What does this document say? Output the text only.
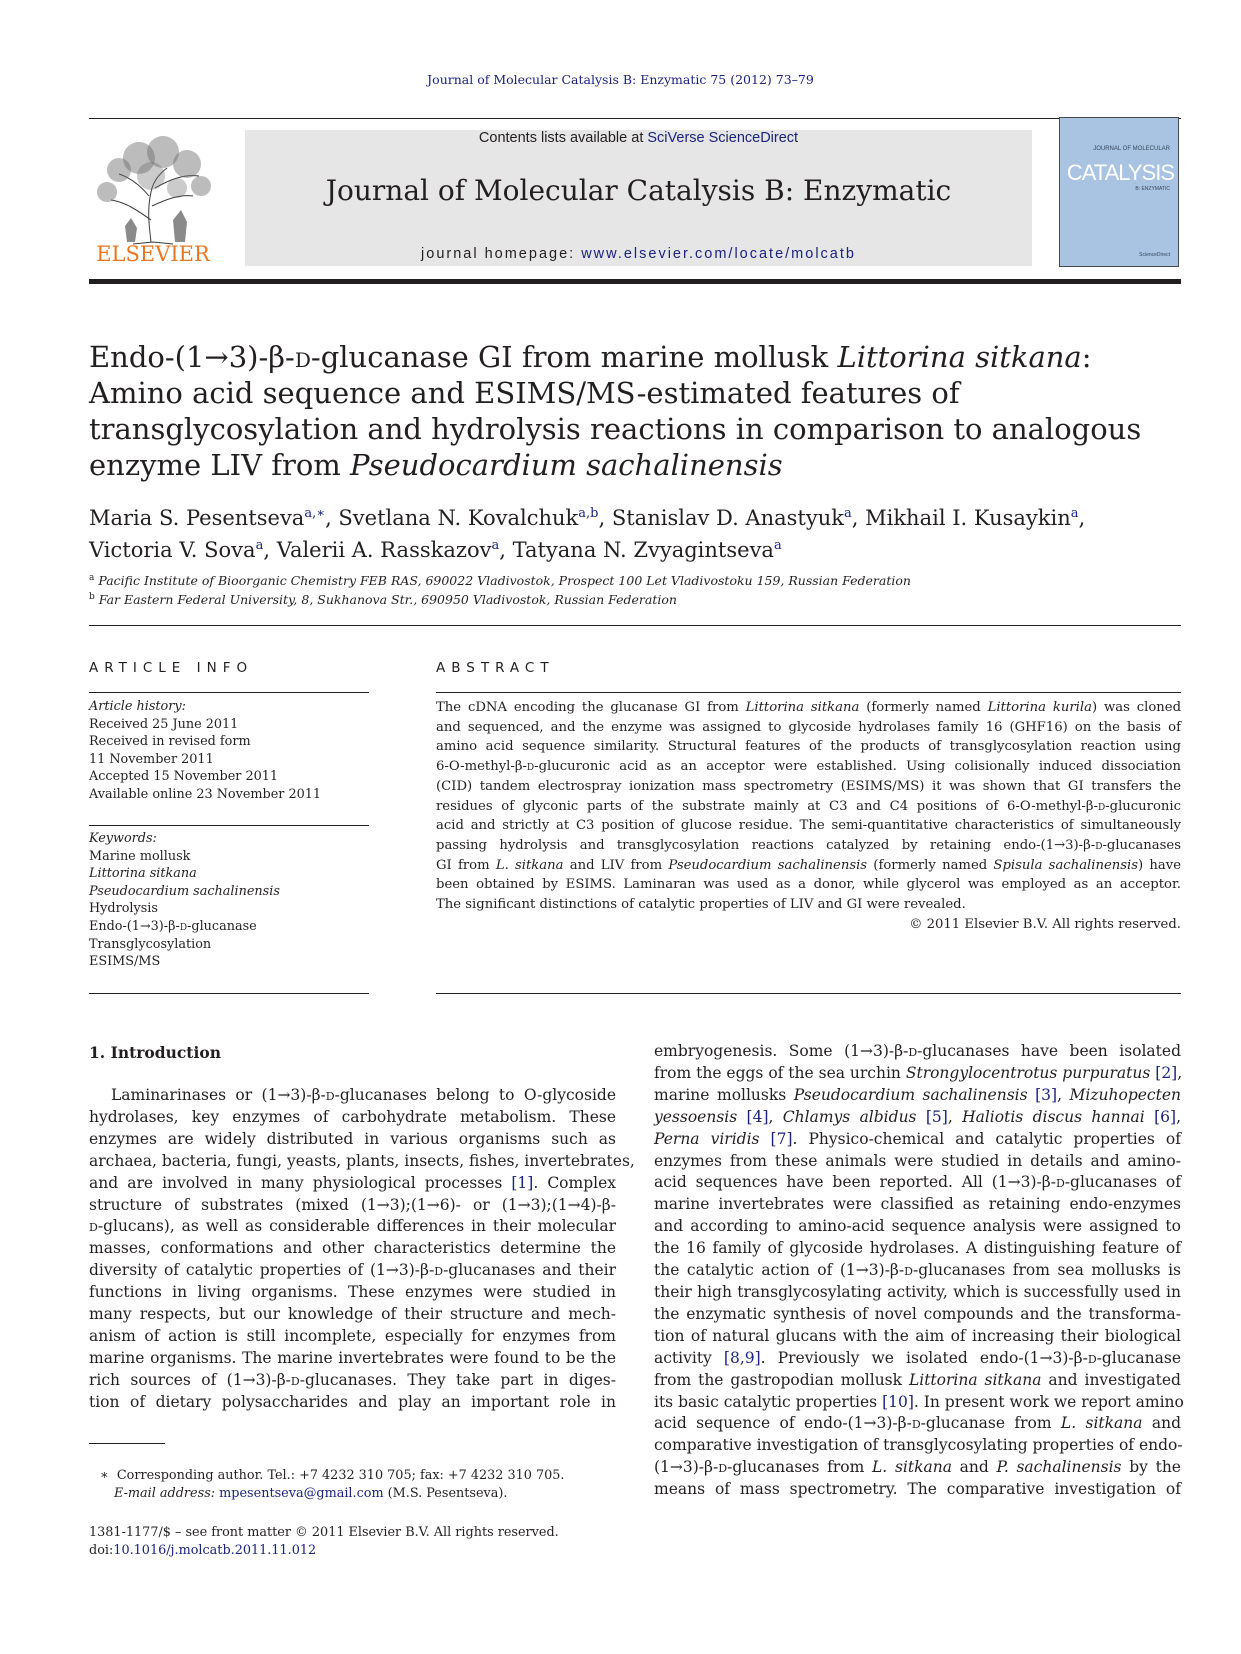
Journal of Molecular Catalysis B: Enzymatic 75 (2012) 73–79
ELSEVIER
Contents lists available at SciVerse ScienceDirect
Journal of Molecular Catalysis B: Enzymatic
journal homepage: www.elsevier.com/locate/molcatb
JOURNAL OF MOLECULAR
CATALYSIS
B: ENZYMATIC
ScienceDirect
Endo-(1→3)-β-d-glucanase GI from marine mollusk Littorina sitkana: Amino acid sequence and ESIMS/MS-estimated features of transglycosylation and hydrolysis reactions in comparison to analogous enzyme LIV from Pseudocardium sachalinensis
Maria S. Pesentseva$^{a,∗}$, Svetlana N. Kovalchuk$^{a,b}$, Stanislav D. Anastyuk$^a$, Mikhail I. Kusaykin$^a$,
Victoria V. Sova$^a$, Valerii A. Rasskazov$^a$, Tatyana N. Zvyagintseva$^a$
$^a$ Pacific Institute of Bioorganic Chemistry FEB RAS, 690022 Vladivostok, Prospect 100 Let Vladivostoku 159, Russian Federation
$^b$ Far Eastern Federal University, 8, Sukhanova Str., 690950 Vladivostok, Russian Federation
ARTICLE INFO
Article history:
Received 25 June 2011
Received in revised form
11 November 2011
Accepted 15 November 2011
Available online 23 November 2011
Keywords:
Marine mollusk
Littorina sitkana
Pseudocardium sachalinensis
Hydrolysis
Endo-(1→3)-β-d-glucanase
Transglycosylation
ESIMS/MS
ABSTRACT
The cDNA encoding the glucanase GI from Littorina sitkana (formerly named Littorina kurila) was cloned
and sequenced, and the enzyme was assigned to glycoside hydrolases family 16 (GHF16) on the basis of
amino acid sequence similarity. Structural features of the products of transglycosylation reaction using
6-O-methyl-β-d-glucuronic acid as an acceptor were established. Using colisionally induced dissociation
(CID) tandem electrospray ionization mass spectrometry (ESIMS/MS) it was shown that GI transfers the
residues of glyconic parts of the substrate mainly at C3 and C4 positions of 6-O-methyl-β-d-glucuronic
acid and strictly at C3 position of glucose residue. The semi-quantitative characteristics of simultaneously
passing hydrolysis and transglycosylation reactions catalyzed by retaining endo-(1→3)-β-d-glucanases
GI from L. sitkana and LIV from Pseudocardium sachalinensis (formerly named Spisula sachalinensis) have
been obtained by ESIMS. Laminaran was used as a donor, while glycerol was employed as an acceptor.
The significant distinctions of catalytic properties of LIV and GI were revealed.
© 2011 Elsevier B.V. All rights reserved.
1. Introduction
Laminarinases or (1→3)-β-d-glucanases belong to O-glycoside
hydrolases, key enzymes of carbohydrate metabolism. These
enzymes are widely distributed in various organisms such as
archaea, bacteria, fungi, yeasts, plants, insects, fishes, invertebrates,
and are involved in many physiological processes [1]. Complex
structure of substrates (mixed (1→3);(1→6)- or (1→3);(1→4)-β-
d-glucans), as well as considerable differences in their molecular
masses, conformations and other characteristics determine the
diversity of catalytic properties of (1→3)-β-d-glucanases and their
functions in living organisms. These enzymes were studied in
many respects, but our knowledge of their structure and mech-
anism of action is still incomplete, especially for enzymes from
marine organisms. The marine invertebrates were found to be the
rich sources of (1→3)-β-d-glucanases. They take part in diges-
tion of dietary polysaccharides and play an important role in
embryogenesis. Some (1→3)-β-d-glucanases have been isolated
from the eggs of the sea urchin Strongylocentrotus purpuratus [2],
marine mollusks Pseudocardium sachalinensis [3], Mizuhopecten
yessoensis [4], Chlamys albidus [5], Haliotis discus hannai [6],
Perna viridis [7]. Physico-chemical and catalytic properties of
enzymes from these animals were studied in details and amino-
acid sequences have been reported. All (1→3)-β-d-glucanases of
marine invertebrates were classified as retaining endo-enzymes
and according to amino-acid sequence analysis were assigned to
the 16 family of glycoside hydrolases. A distinguishing feature of
the catalytic action of (1→3)-β-d-glucanases from sea mollusks is
their high transglycosylating activity, which is successfully used in
the enzymatic synthesis of novel compounds and the transforma-
tion of natural glucans with the aim of increasing their biological
activity [8,9]. Previously we isolated endo-(1→3)-β-d-glucanase
from the gastropodian mollusk Littorina sitkana and investigated
its basic catalytic properties [10]. In present work we report amino
acid sequence of endo-(1→3)-β-d-glucanase from L. sitkana and
comparative investigation of transglycosylating properties of endo-
(1→3)-β-d-glucanases from L. sitkana and P. sachalinensis by the
means of mass spectrometry. The comparative investigation of
∗ Corresponding author. Tel.: +7 4232 310 705; fax: +7 4232 310 705.
E-mail address: mpesentseva@gmail.com (M.S. Pesentseva).
1381-1177/$ – see front matter © 2011 Elsevier B.V. All rights reserved.
doi:10.1016/j.molcatb.2011.11.012
